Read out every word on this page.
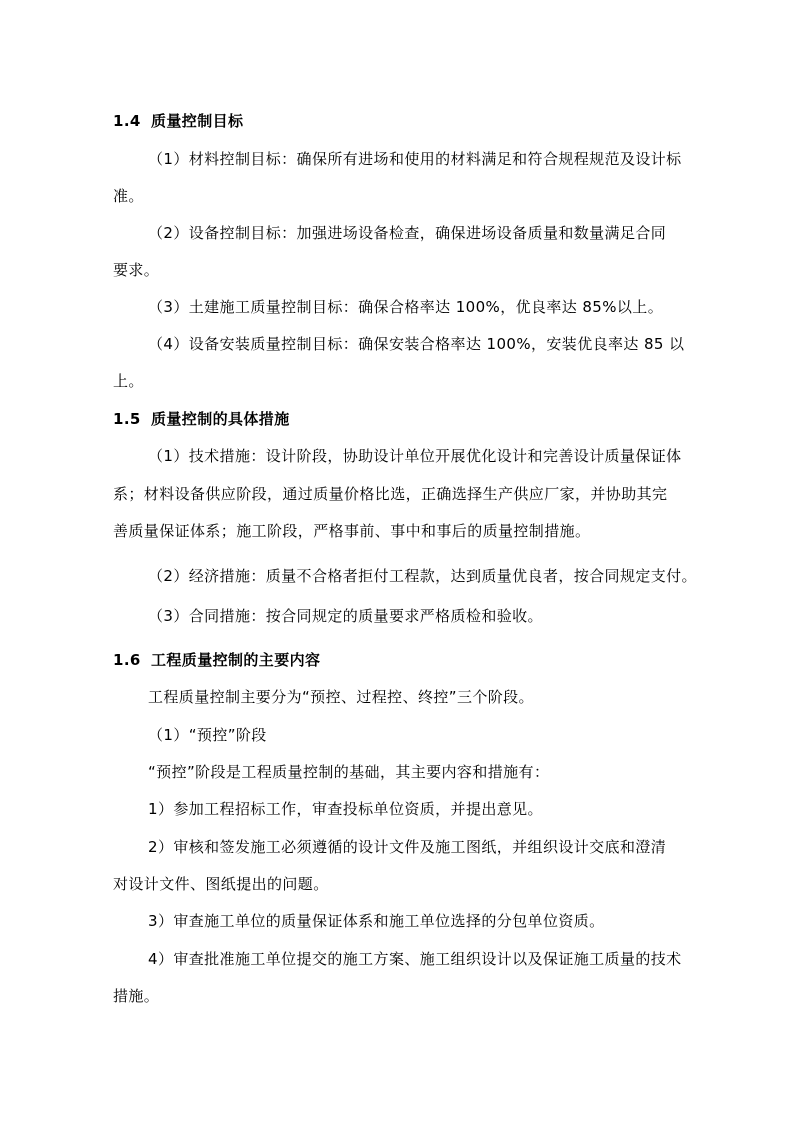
1.4 质量控制目标
（1）材料控制目标：确保所有进场和使用的材料满足和符合规程规范及设计标
准。
（2）设备控制目标：加强进场设备检查，确保进场设备质量和数量满足合同
要求。
（3）土建施工质量控制目标：确保合格率达 100%，优良率达 85%以上。
（4）设备安装质量控制目标：确保安装合格率达 100%，安装优良率达 85 以
上。
1.5 质量控制的具体措施
（1）技术措施：设计阶段，协助设计单位开展优化设计和完善设计质量保证体
系；材料设备供应阶段，通过质量价格比选，正确选择生产供应厂家，并协助其完
善质量保证体系；施工阶段，严格事前、事中和事后的质量控制措施。
（2）经济措施：质量不合格者拒付工程款，达到质量优良者，按合同规定支付。
（3）合同措施：按合同规定的质量要求严格质检和验收。
1.6 工程质量控制的主要内容
工程质量控制主要分为“预控、过程控、终控”三个阶段。
（1）“预控”阶段
“预控”阶段是工程质量控制的基础，其主要内容和措施有：
1）参加工程招标工作，审查投标单位资质，并提出意见。
2）审核和签发施工必须遵循的设计文件及施工图纸，并组织设计交底和澄清
对设计文件、图纸提出的问题。
3）审查施工单位的质量保证体系和施工单位选择的分包单位资质。
4）审查批准施工单位提交的施工方案、施工组织设计以及保证施工质量的技术
措施。
